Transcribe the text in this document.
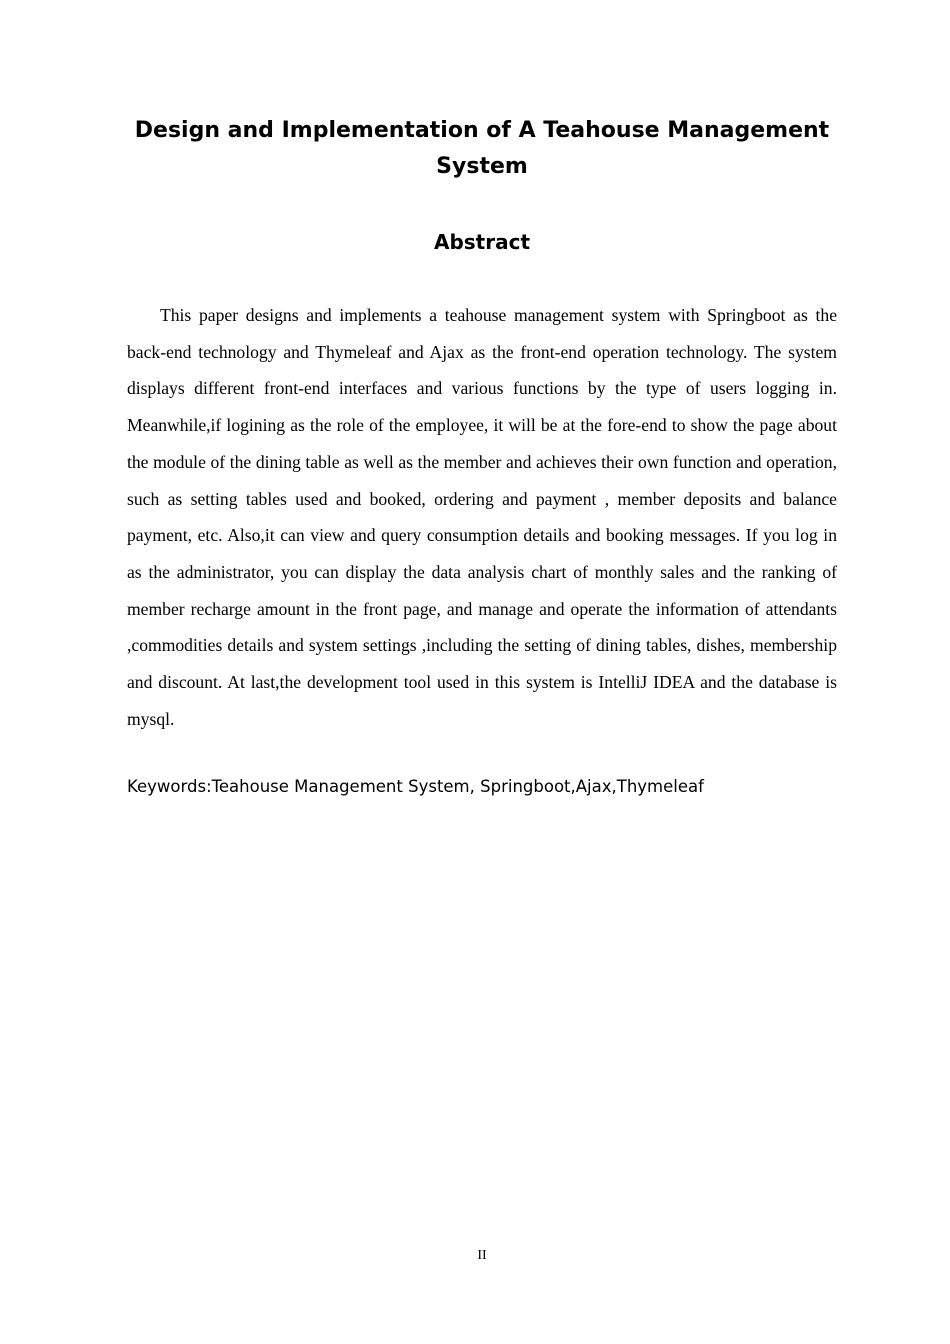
Design and Implementation of A Teahouse Management System
Abstract

This paper designs and implements a teahouse management system with Springboot as the back-end technology and Thymeleaf and Ajax as the front-end operation technology. The system displays different front-end interfaces and various functions by the type of users logging in. Meanwhile,if logining as the role of the employee, it will be at the fore-end to show the page about the module of the dining table as well as the member and achieves their own function and operation, such as setting tables used and booked, ordering and payment , member deposits and balance payment, etc. Also,it can view and query consumption details and booking messages. If you log in as the administrator, you can display the data analysis chart of monthly sales and the ranking of member recharge amount in the front page, and manage and operate the information of attendants ,commodities details and system settings ,including the setting of dining tables, dishes, membership and discount. At last,the development tool used in this system is IntelliJ IDEA and the database is mysql.

Keywords:Teahouse Management System, Springboot,Ajax,Thymeleaf

II
